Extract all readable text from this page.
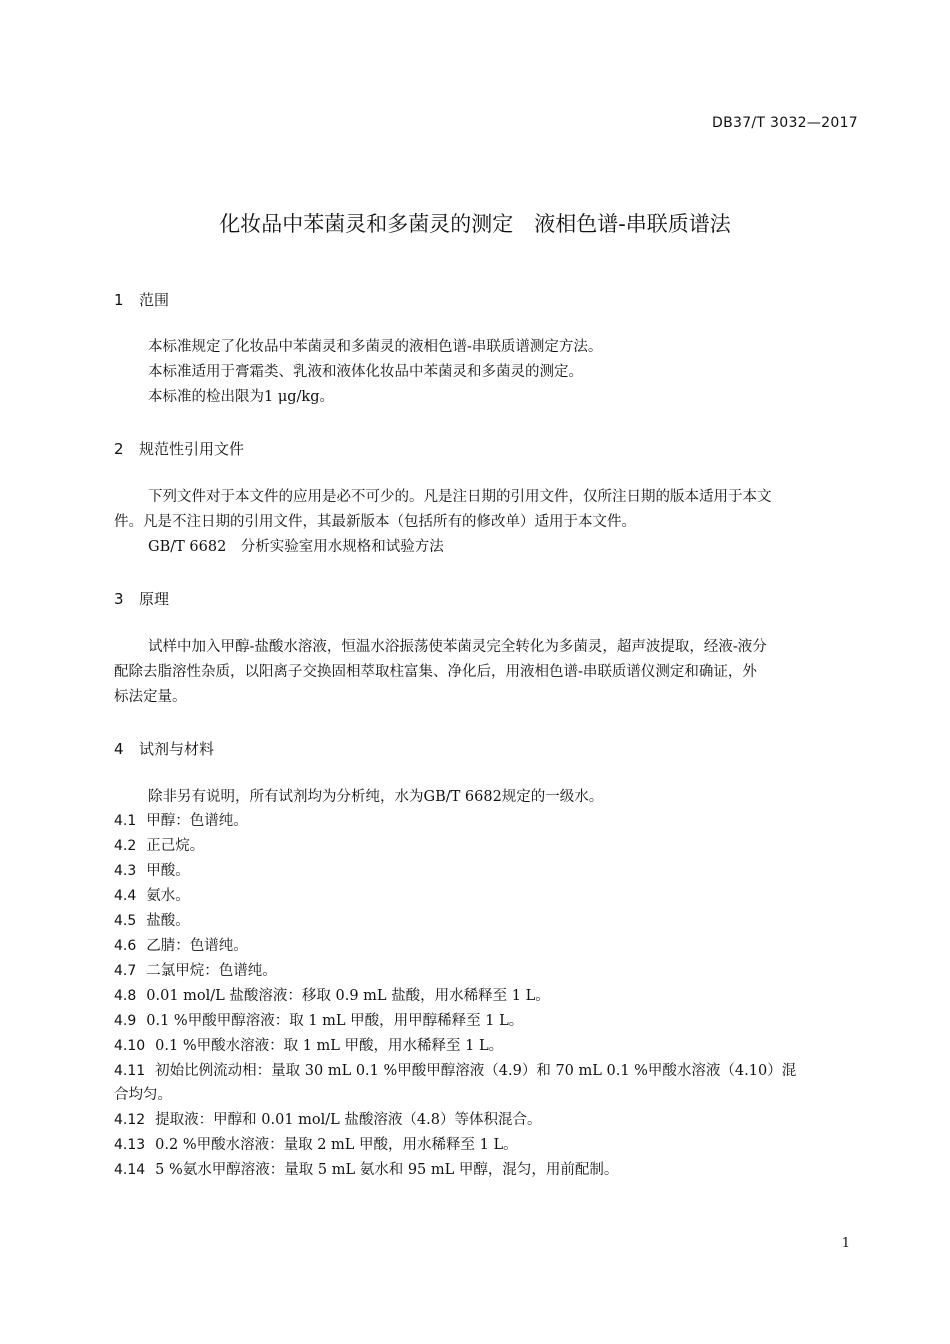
DB37/T 3032—2017
化妆品中苯菌灵和多菌灵的测定　液相色谱-串联质谱法
1 范围
本标准规定了化妆品中苯菌灵和多菌灵的液相色谱-串联质谱测定方法。
本标准适用于膏霜类、乳液和液体化妆品中苯菌灵和多菌灵的测定。
本标准的检出限为1 μg/kg。
2 规范性引用文件
下列文件对于本文件的应用是必不可少的。凡是注日期的引用文件，仅所注日期的版本适用于本文
件。凡是不注日期的引用文件，其最新版本（包括所有的修改单）适用于本文件。
GB/T 6682　分析实验室用水规格和试验方法
3 原理
试样中加入甲醇-盐酸水溶液，恒温水浴振荡使苯菌灵完全转化为多菌灵，超声波提取，经液-液分
配除去脂溶性杂质，以阳离子交换固相萃取柱富集、净化后，用液相色谱-串联质谱仪测定和确证，外
标法定量。
4 试剂与材料
除非另有说明，所有试剂均为分析纯，水为GB/T 6682规定的一级水。
4.1 甲醇：色谱纯。
4.2 正己烷。
4.3 甲酸。
4.4 氨水。
4.5 盐酸。
4.6 乙腈：色谱纯。
4.7 二氯甲烷：色谱纯。
4.8 0.01 mol/L 盐酸溶液：移取 0.9 mL 盐酸，用水稀释至 1 L。
4.9 0.1 %甲酸甲醇溶液：取 1 mL 甲酸，用甲醇稀释至 1 L。
4.10 0.1 %甲酸水溶液：取 1 mL 甲酸，用水稀释至 1 L。
4.11 初始比例流动相：量取 30 mL 0.1 %甲酸甲醇溶液（4.9）和 70 mL 0.1 %甲酸水溶液（4.10）混
合均匀。
4.12 提取液：甲醇和 0.01 mol/L 盐酸溶液（4.8）等体积混合。
4.13 0.2 %甲酸水溶液：量取 2 mL 甲酸，用水稀释至 1 L。
4.14 5 %氨水甲醇溶液：量取 5 mL 氨水和 95 mL 甲醇，混匀，用前配制。
1
